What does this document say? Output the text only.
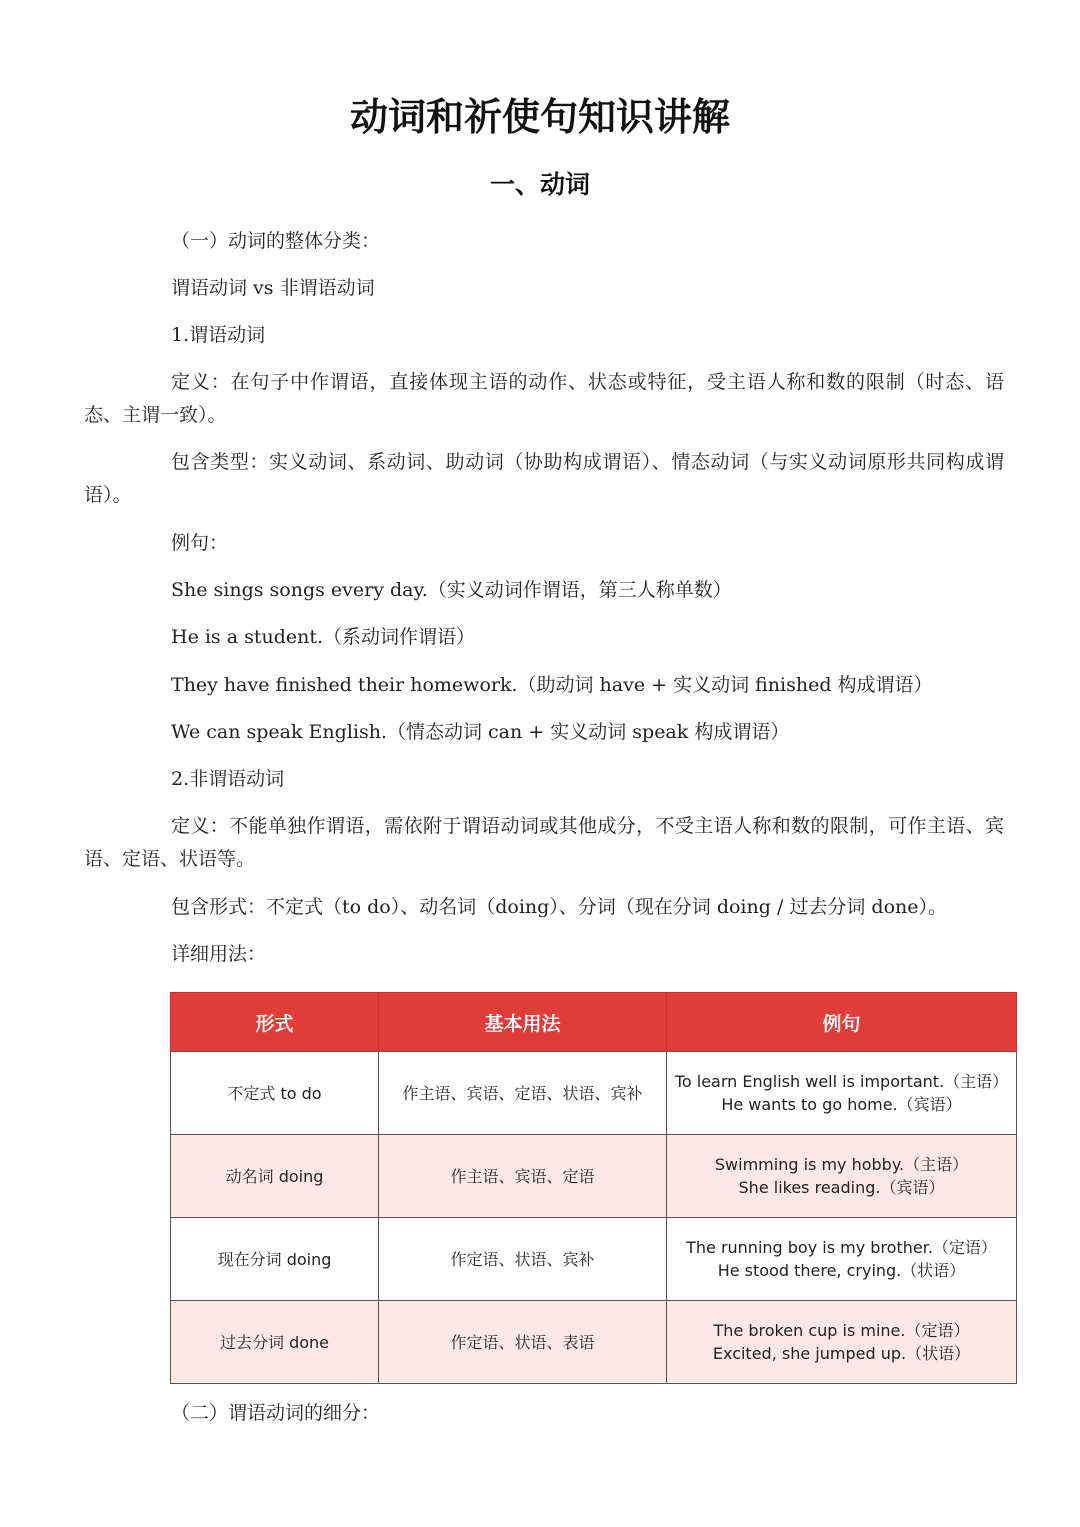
动词和祈使句知识讲解
一、动词
（一）动词的整体分类：
谓语动词 vs 非谓语动词
1.谓语动词
定义：在句子中作谓语，直接体现主语的动作、状态或特征，受主语人称和数的限制（时态、语态、主谓一致）。
包含类型：实义动词、系动词、助动词（协助构成谓语）、情态动词（与实义动词原形共同构成谓语）。
例句：
She sings songs every day.（实义动词作谓语，第三人称单数）
He is a student.（系动词作谓语）
They have finished their homework.（助动词 have + 实义动词 finished 构成谓语）
We can speak English.（情态动词 can + 实义动词 speak 构成谓语）
2.非谓语动词
定义：不能单独作谓语，需依附于谓语动词或其他成分，不受主语人称和数的限制，可作主语、宾语、定语、状语等。
包含形式：不定式（to do）、动名词（doing）、分词（现在分词 doing / 过去分词 done）。
详细用法：
形式	基本用法	例句
不定式 to do	作主语、宾语、定语、状语、宾补	To learn English well is important.（主语）
He wants to go home.（宾语）

动名词 doing	作主语、宾语、定语	Swimming is my hobby.（主语）
She likes reading.（宾语）

现在分词 doing	作定语、状语、宾补	The running boy is my brother.（定语）
He stood there, crying.（状语）

过去分词 done	作定语、状语、表语	The broken cup is mine.（定语）
Excited, she jumped up.（状语）
（二）谓语动词的细分：
